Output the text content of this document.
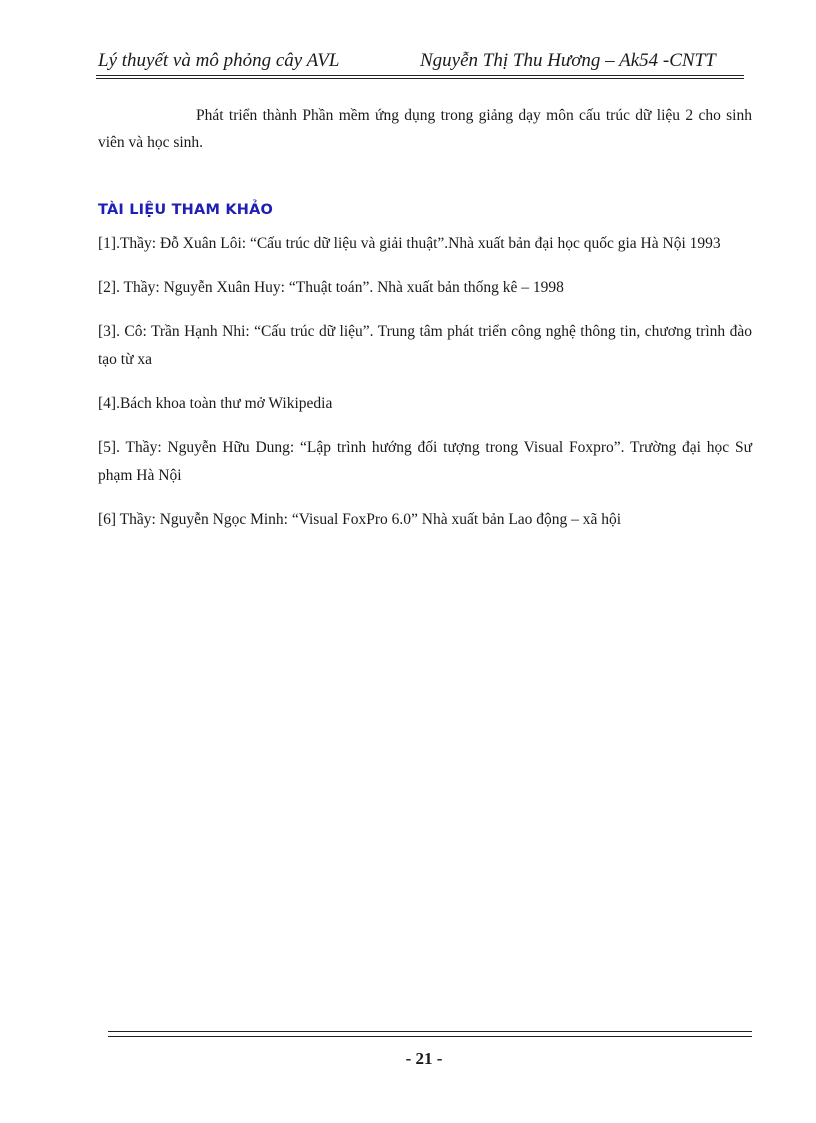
Lý thuyết và mô phỏng cây AVL	Nguyễn Thị Thu Hương – Ak54 -CNTT

Phát triển thành Phần mềm ứng dụng trong giảng dạy môn cấu trúc dữ liệu 2 cho sinh viên và học sinh.

TÀI LIỆU THAM KHẢO
[1].Thầy: Đỗ Xuân Lôi: “Cấu trúc dữ liệu và giải thuật”.Nhà xuất bản đại học quốc gia Hà Nội 1993
[2]. Thầy: Nguyễn Xuân Huy: “Thuật toán”. Nhà xuất bản thống kê – 1998
[3]. Cô: Trần Hạnh Nhi: “Cấu trúc dữ liệu”. Trung tâm phát triển công nghệ thông tin, chương trình đào tạo từ xa
[4].Bách khoa toàn thư mở Wikipedia
[5]. Thầy: Nguyễn Hữu Dung: “Lập trình hướng đối tượng trong Visual Foxpro”. Trường đại học Sư phạm Hà Nội
[6] Thầy: Nguyễn Ngọc Minh: “Visual FoxPro 6.0” Nhà xuất bản Lao động – xã hội
- 21 -
